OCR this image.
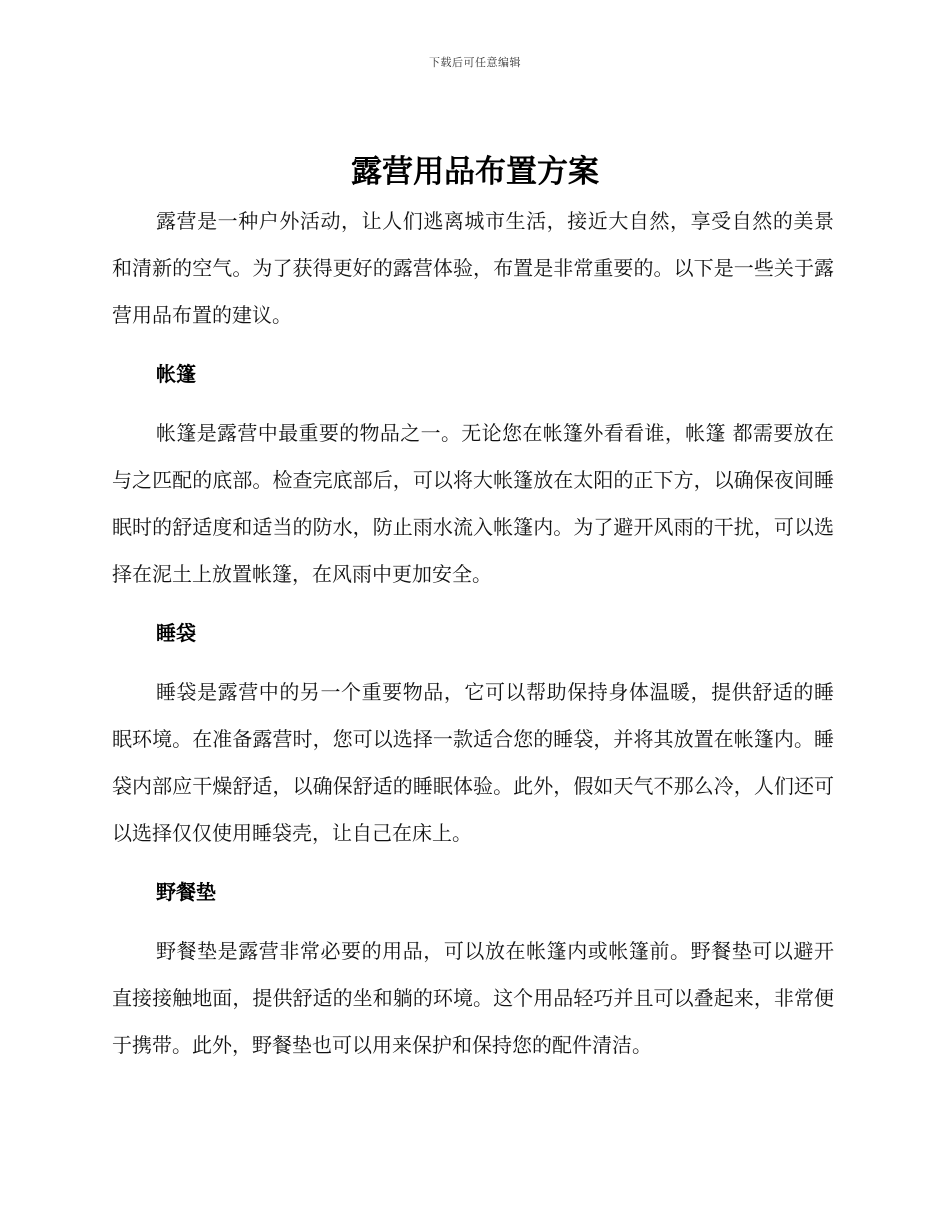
下载后可任意编辑
露营用品布置方案

露营是一种户外活动，让人们逃离城市生活，接近大自然，享受自然的美景和清新的空气。为了获得更好的露营体验，布置是非常重要的。以下是一些关于露营用品布置的建议。

帐篷

帐篷是露营中最重要的物品之一。无论您在帐篷外看看谁，帐篷 都需要放在与之匹配的底部。检查完底部后，可以将大帐篷放在太阳的正下方，以确保夜间睡眠时的舒适度和适当的防水，防止雨水流入帐篷内。为了避开风雨的干扰，可以选择在泥土上放置帐篷，在风雨中更加安全。

睡袋

睡袋是露营中的另一个重要物品，它可以帮助保持身体温暖，提供舒适的睡眠环境。在准备露营时，您可以选择一款适合您的睡袋，并将其放置在帐篷内。睡袋内部应干燥舒适，以确保舒适的睡眠体验。此外，假如天气不那么冷，人们还可以选择仅仅使用睡袋壳，让自己在床上。

野餐垫

野餐垫是露营非常必要的用品，可以放在帐篷内或帐篷前。野餐垫可以避开直接接触地面，提供舒适的坐和躺的环境。这个用品轻巧并且可以叠起来，非常便于携带。此外，野餐垫也可以用来保护和保持您的配件清洁。
